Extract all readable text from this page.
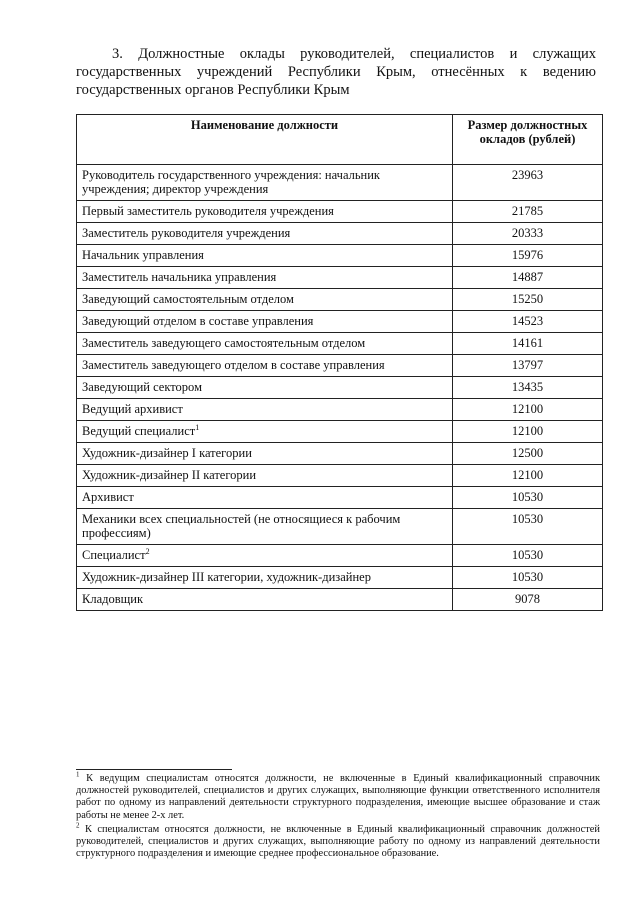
3. Должностные оклады руководителей, специалистов и служащих государственных учреждений Республики Крым, отнесённых к ведению государственных органов Республики Крым
Наименование должности	Размер должностных окладов (рублей)
Руководитель государственного учреждения: начальник учреждения; директор учреждения	23963
Первый заместитель руководителя учреждения	21785
Заместитель руководителя учреждения	20333
Начальник управления	15976
Заместитель начальника управления	14887
Заведующий самостоятельным отделом	15250
Заведующий отделом в составе управления	14523
Заместитель заведующего самостоятельным отделом	14161
Заместитель заведующего отделом в составе управления	13797
Заведующий сектором	13435
Ведущий архивист	12100
Ведущий специалист$^1$	12100
Художник-дизайнер I категории	12500
Художник-дизайнер II категории	12100
Архивист	10530
Механики всех специальностей (не относящиеся к рабочим профессиям)	10530
Специалист$^2$	10530
Художник-дизайнер III категории, художник-дизайнер	10530
Кладовщик	9078

$^1$ К ведущим специалистам относятся должности, не включенные в Единый квалификационный справочник должностей руководителей, специалистов и других служащих, выполняющие функции ответственного исполнителя работ по одному из направлений деятельности структурного подразделения, имеющие высшее образование и стаж работы не менее 2-х лет.

$^2$ К специалистам относятся должности, не включенные в Единый квалификационный справочник должностей руководителей, специалистов и других служащих, выполняющие работу по одному из направлений деятельности структурного подразделения и имеющие среднее профессиональное образование.
